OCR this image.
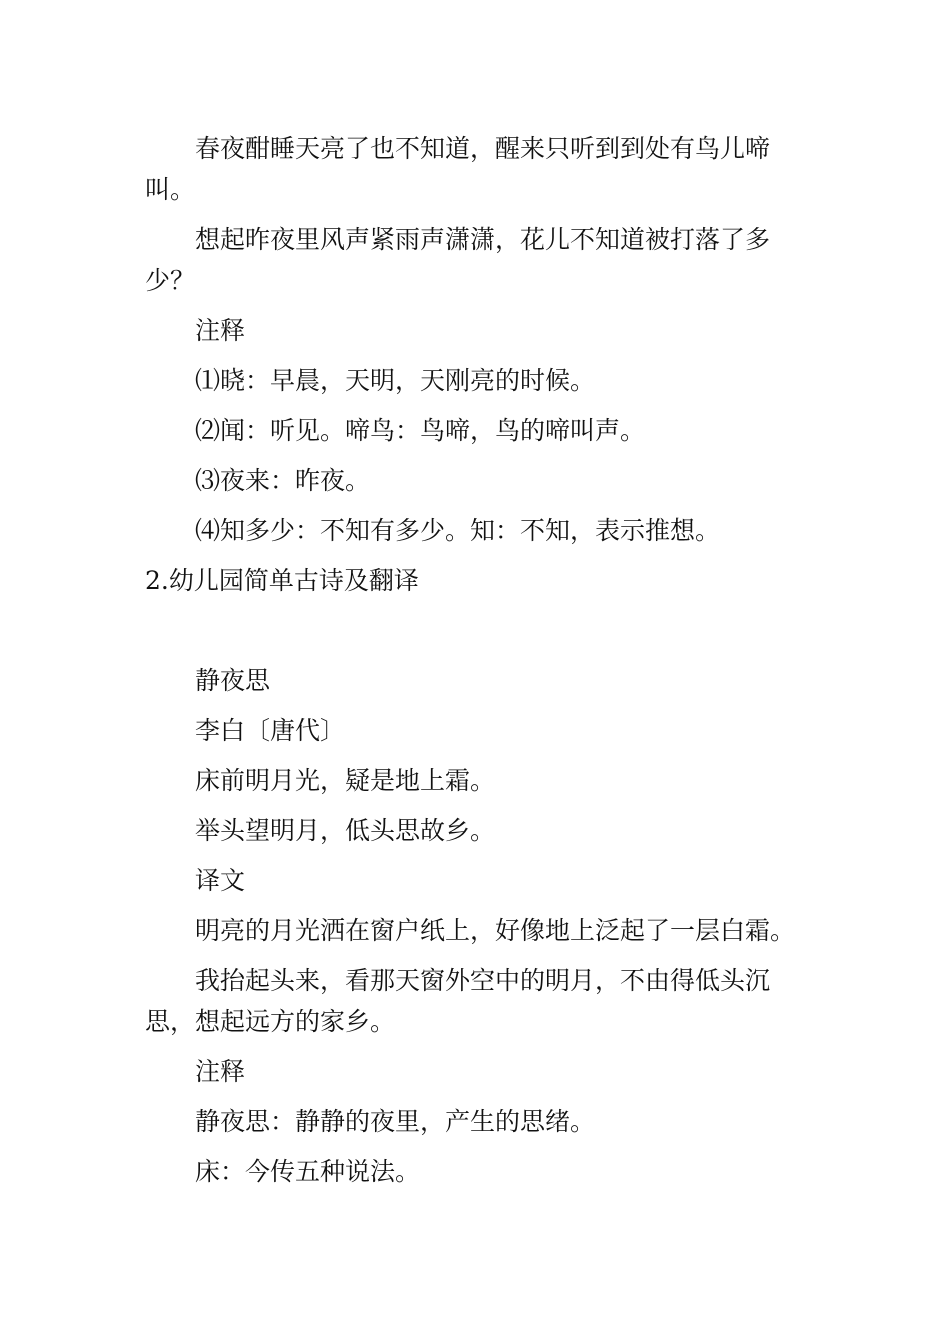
春夜酣睡天亮了也不知道，醒来只听到到处有鸟儿啼叫。

想起昨夜里风声紧雨声潇潇，花儿不知道被打落了多少？

注释

⑴晓：早晨，天明，天刚亮的时候。

⑵闻：听见。啼鸟：鸟啼，鸟的啼叫声。

⑶夜来：昨夜。

⑷知多少：不知有多少。知：不知，表示推想。

2.幼儿园简单古诗及翻译

静夜思

李白〔唐代〕

床前明月光，疑是地上霜。

举头望明月，低头思故乡。

译文

明亮的月光洒在窗户纸上，好像地上泛起了一层白霜。

我抬起头来，看那天窗外空中的明月，不由得低头沉思，想起远方的家乡。

注释

静夜思：静静的夜里，产生的思绪。

床：今传五种说法。
